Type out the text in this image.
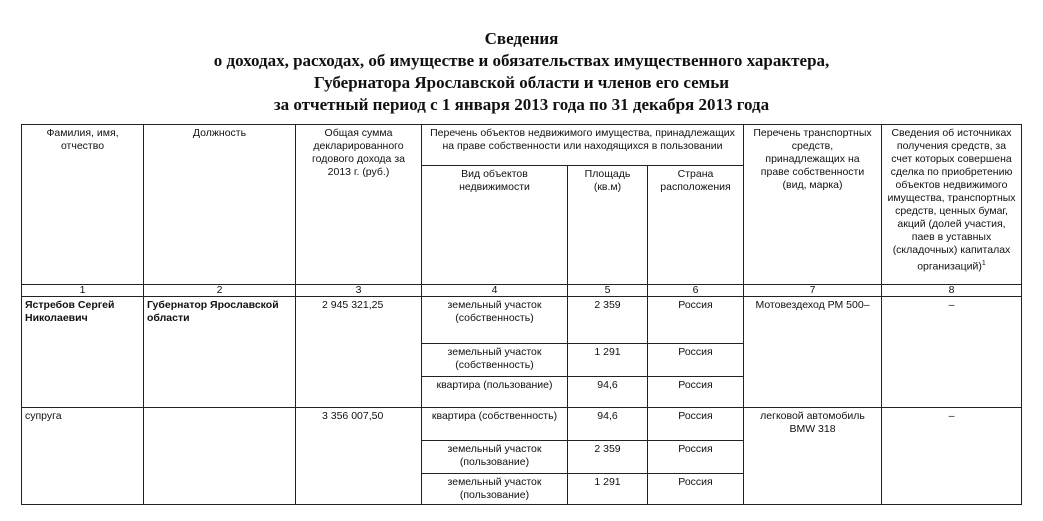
Сведения
о доходах, расходах, об имуществе и обязательствах имущественного характера,
Губернатора Ярославской области и членов его семьи
за отчетный период с 1 января 2013 года по 31 декабря 2013 года
Фамилия, имя, отчество	Должность	Общая сумма декларированного годового дохода за 2013 г. (руб.)	Перечень объектов недвижимого имущества, принадлежащих на праве собственности или находящихся в пользовании			Перечень транспортных средств, принадлежащих на праве собственности (вид, марка)	Сведения об источниках получения средств, за счет которых совершена сделка по приобретению объектов недвижимого имущества, транспортных средств, ценных бумаг, акций (долей участия, паев в уставных (складочных) капиталах организаций)$^1$
			Вид объектов недвижимости	Площадь (кв.м)	Страна расположения		
1	2	3	4	5	6	7	8
Ястребов Сергей Николаевич	Губернатор Ярославской области	2 945 321,25	земельный участок (собственность)	2 359	Россия	Мотовездеход РМ 500–	–
			земельный участок (собственность)	1 291	Россия		
			квартира (пользование)	94,6	Россия		
супруга		3 356 007,50	квартира (собственность)	94,6	Россия	легковой автомобиль BMW 318	–
			земельный участок (пользование)	2 359	Россия		
			земельный участок (пользование)	1 291	Россия		
